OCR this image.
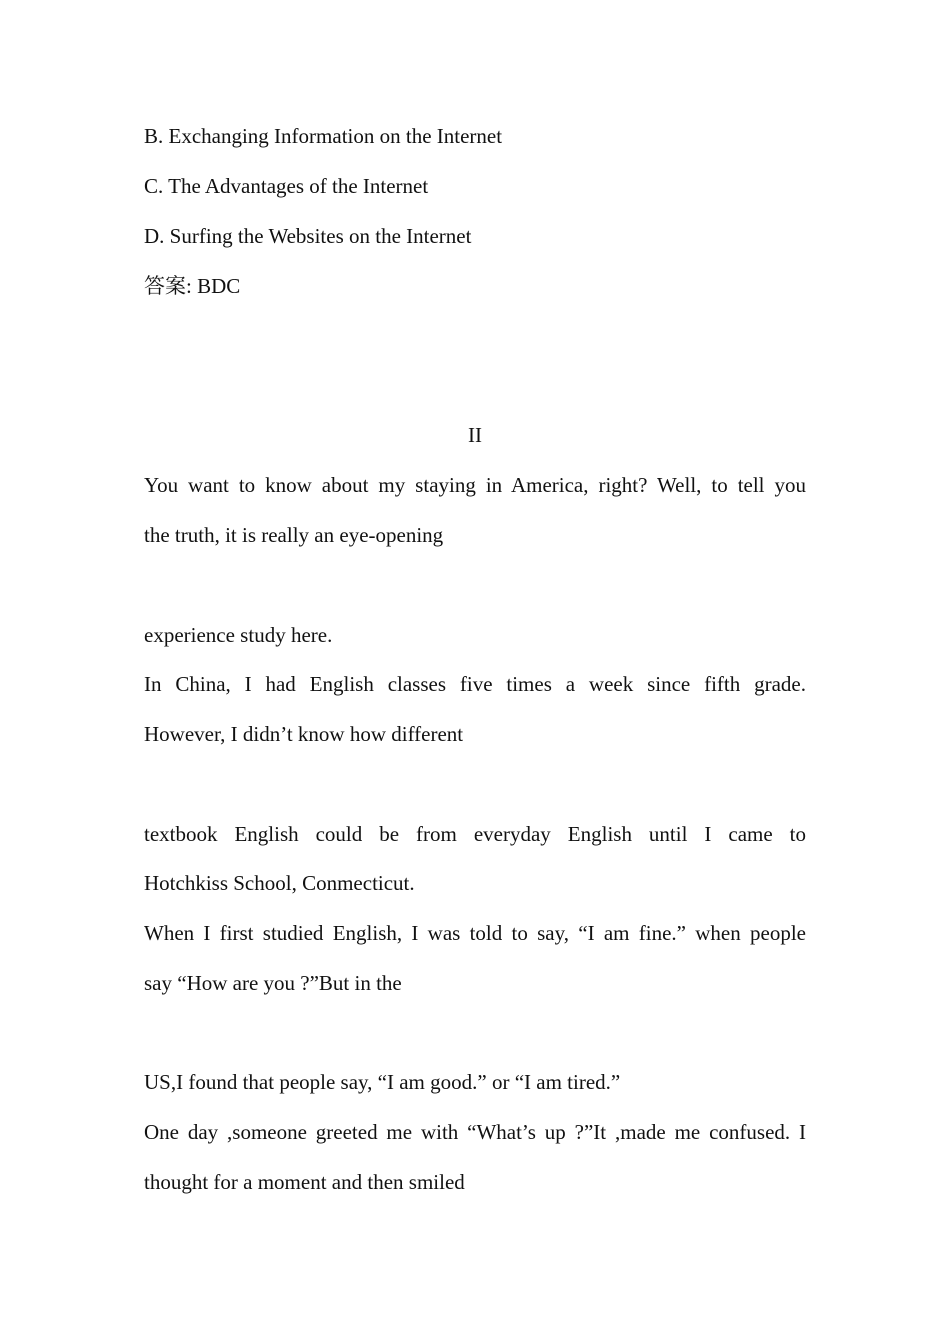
B. Exchanging Information on the Internet
C. The Advantages of the Internet
D. Surfing the Websites on the Internet
答案: BDC
II
You want to know about my staying in America, right? Well, to tell you
the truth, it is really an eye-opening
experience study here.
In China, I had English classes five times a week since fifth grade.
However, I didn’t know how different
textbook English could be from everyday English until I came to
Hotchkiss School, Conmecticut.
When I first studied English, I was told to say, “I am fine.” when people
say “How are you ?”But in the
US,I found that people say, “I am good.” or “I am tired.”
One day ,someone greeted me with “What’s up ?”It ,made me confused. I
thought for a moment and then smiled
